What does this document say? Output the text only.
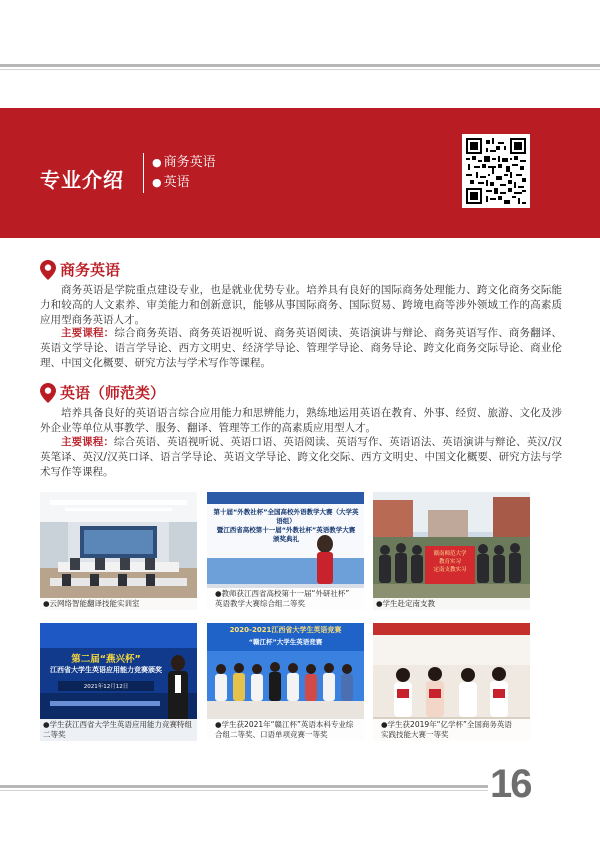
专业介绍
● 商务英语
● 英语
商务英语

商务英语是学院重点建设专业，也是就业优势专业。培养具有良好的国际商务处理能力、跨文化商务交际能力和较高的人文素养、审美能力和创新意识，能够从事国际商务、国际贸易、跨境电商等涉外领域工作的高素质应用型商务英语人才。

主要课程：综合商务英语、商务英语视听说、商务英语阅读、英语演讲与辩论、商务英语写作、商务翻译、英语文学导论、语言学导论、西方文明史、经济学导论、管理学导论、商务导论、跨文化商务交际导论、商业伦理、中国文化概要、研究方法与学术写作等课程。

英语（师范类）

培养具备良好的英语语言综合应用能力和思辨能力，熟练地运用英语在教育、外事、经贸、旅游、文化及涉外企业等单位从事教学、服务、翻译、管理等工作的高素质应用型人才。

主要课程：综合英语、英语视听说、英语口语、英语阅读、英语写作、英语语法、英语演讲与辩论、英汉/汉英笔译、英汉/汉英口译、语言学导论、英语文学导论、跨文化交际、西方文明史、中国文化概要、研究方法与学术写作等课程。

●云网络智能翻译技能实训室
第十届“外教社杯”全国高校外语教学大赛（大学英语组）
暨江西省高校第十一届“外教社杯”英语教学大赛
颁奖典礼
●教师获江西省高校第十一届“外研社杯”
英语教学大赛综合组二等奖
赣南师范大学
教育实习
定南支教实习
●学生赴定南支教
第二届“燕兴杯”
江西省大学生英语应用能力竞赛颁奖
2021年12月12日
●学生获江西省大学生英语应用能力竞赛特组二等奖
2020-2021江西省大学生英语竞赛
“赣江杯”大学生英语竞赛
●学生获2021年“赣江杯”英语本科专业综
合组二等奖、口语单项竞赛一等奖
●学生获2019年“亿学杯”全国商务英语
实践技能大赛一等奖
16
